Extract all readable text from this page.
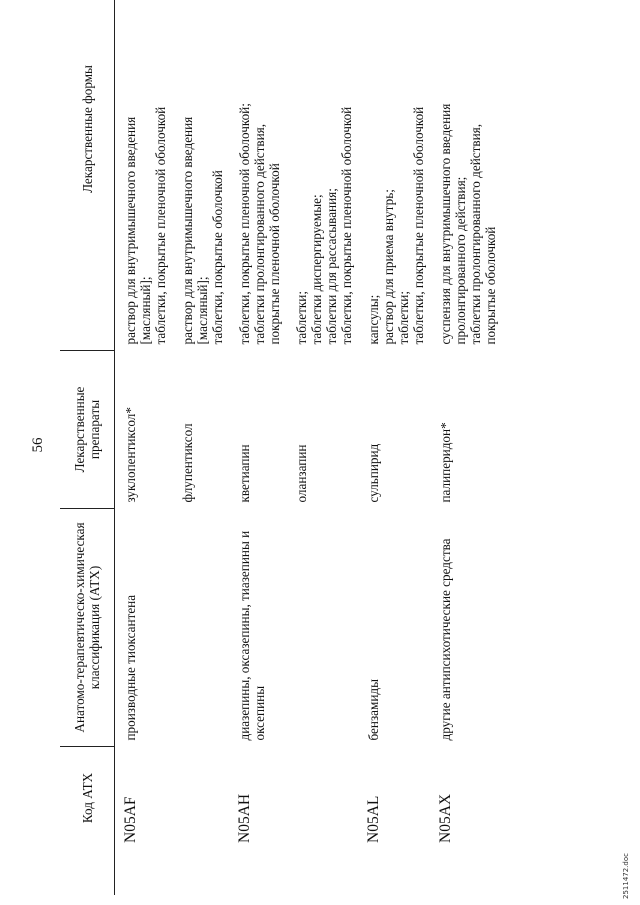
56
Код АТХ	Анатомо-терапевтическо-химическая классификация (АТХ)	Лекарственные препараты	Лекарственные формы
N05AF	производные тиоксантена	зуклопентиксол*	раствор для внутримышечного введения [масляный]; таблетки, покрытые пленочной оболочкой

		флупентиксол	раствор для внутримышечного введения [масляный]; таблетки, покрытые оболочкой

N05AH	диазепины, оксазепины, тиазепины и оксепины	кветиапин	таблетки, покрытые пленочной оболочкой; таблетки пролонгированного действия, покрытые пленочной оболочкой

		оланзапин	таблетки; таблетки диспергируемые; таблетки для рассасывания; таблетки, покрытые пленочной оболочкой

N05AL	бензамиды	сульпирид	капсулы; раствор для приема внутрь; таблетки; таблетки, покрытые пленочной оболочкой

N05AX	другие антипсихотические средства	палиперидон*	суспензия для внутримышечного введения пролонгированного действия; таблетки пролонгированного действия, покрытые оболочкой
2511472.doc
